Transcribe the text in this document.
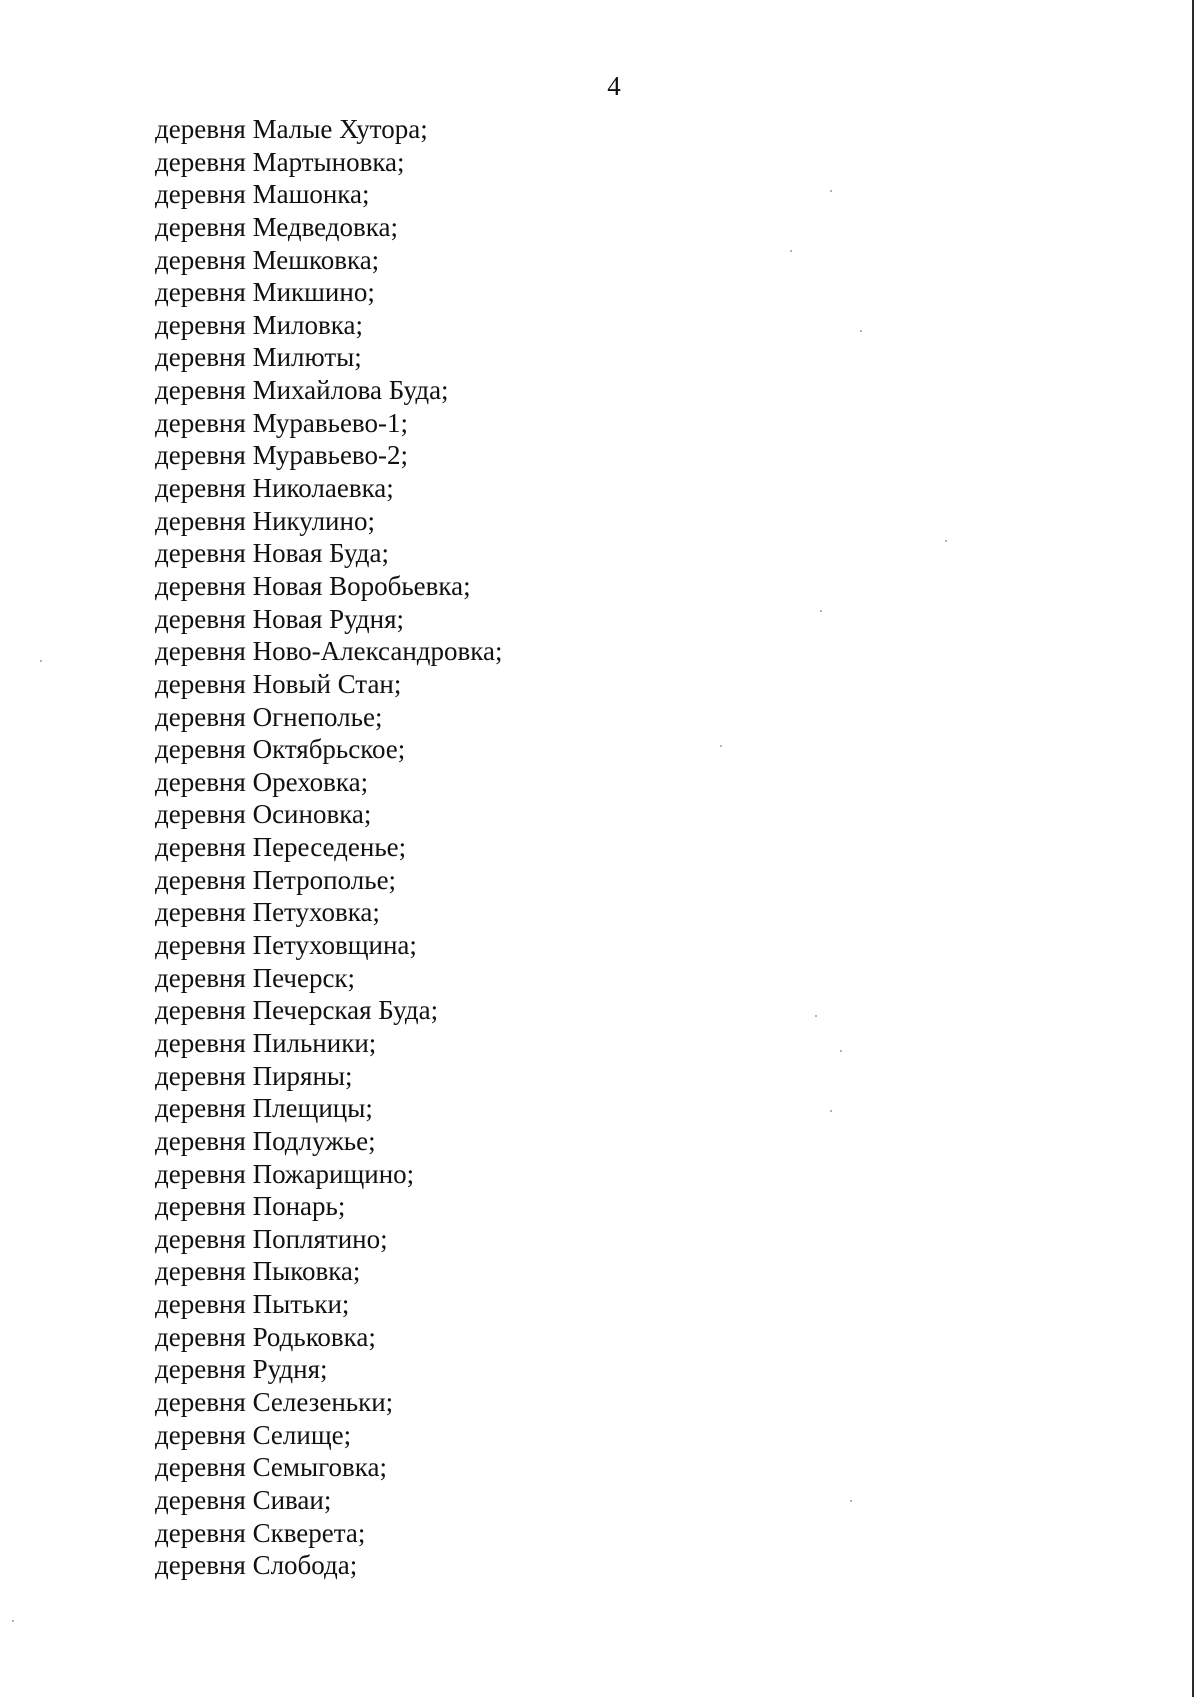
4
деревня Малые Хутора;
деревня Мартыновка;
деревня Машонка;
деревня Медведовка;
деревня Мешковка;
деревня Микшино;
деревня Миловка;
деревня Милюты;
деревня Михайлова Буда;
деревня Муравьево-1;
деревня Муравьево-2;
деревня Николаевка;
деревня Никулино;
деревня Новая Буда;
деревня Новая Воробьевка;
деревня Новая Рудня;
деревня Ново-Александровка;
деревня Новый Стан;
деревня Огнеполье;
деревня Октябрьское;
деревня Ореховка;
деревня Осиновка;
деревня Переседенье;
деревня Петрополье;
деревня Петуховка;
деревня Петуховщина;
деревня Печерск;
деревня Печерская Буда;
деревня Пильники;
деревня Пиряны;
деревня Плещицы;
деревня Подлужье;
деревня Пожарищино;
деревня Понарь;
деревня Поплятино;
деревня Пыковка;
деревня Пытьки;
деревня Родьковка;
деревня Рудня;
деревня Селезеньки;
деревня Селище;
деревня Семыговка;
деревня Сиваи;
деревня Скверета;
деревня Слобода;
